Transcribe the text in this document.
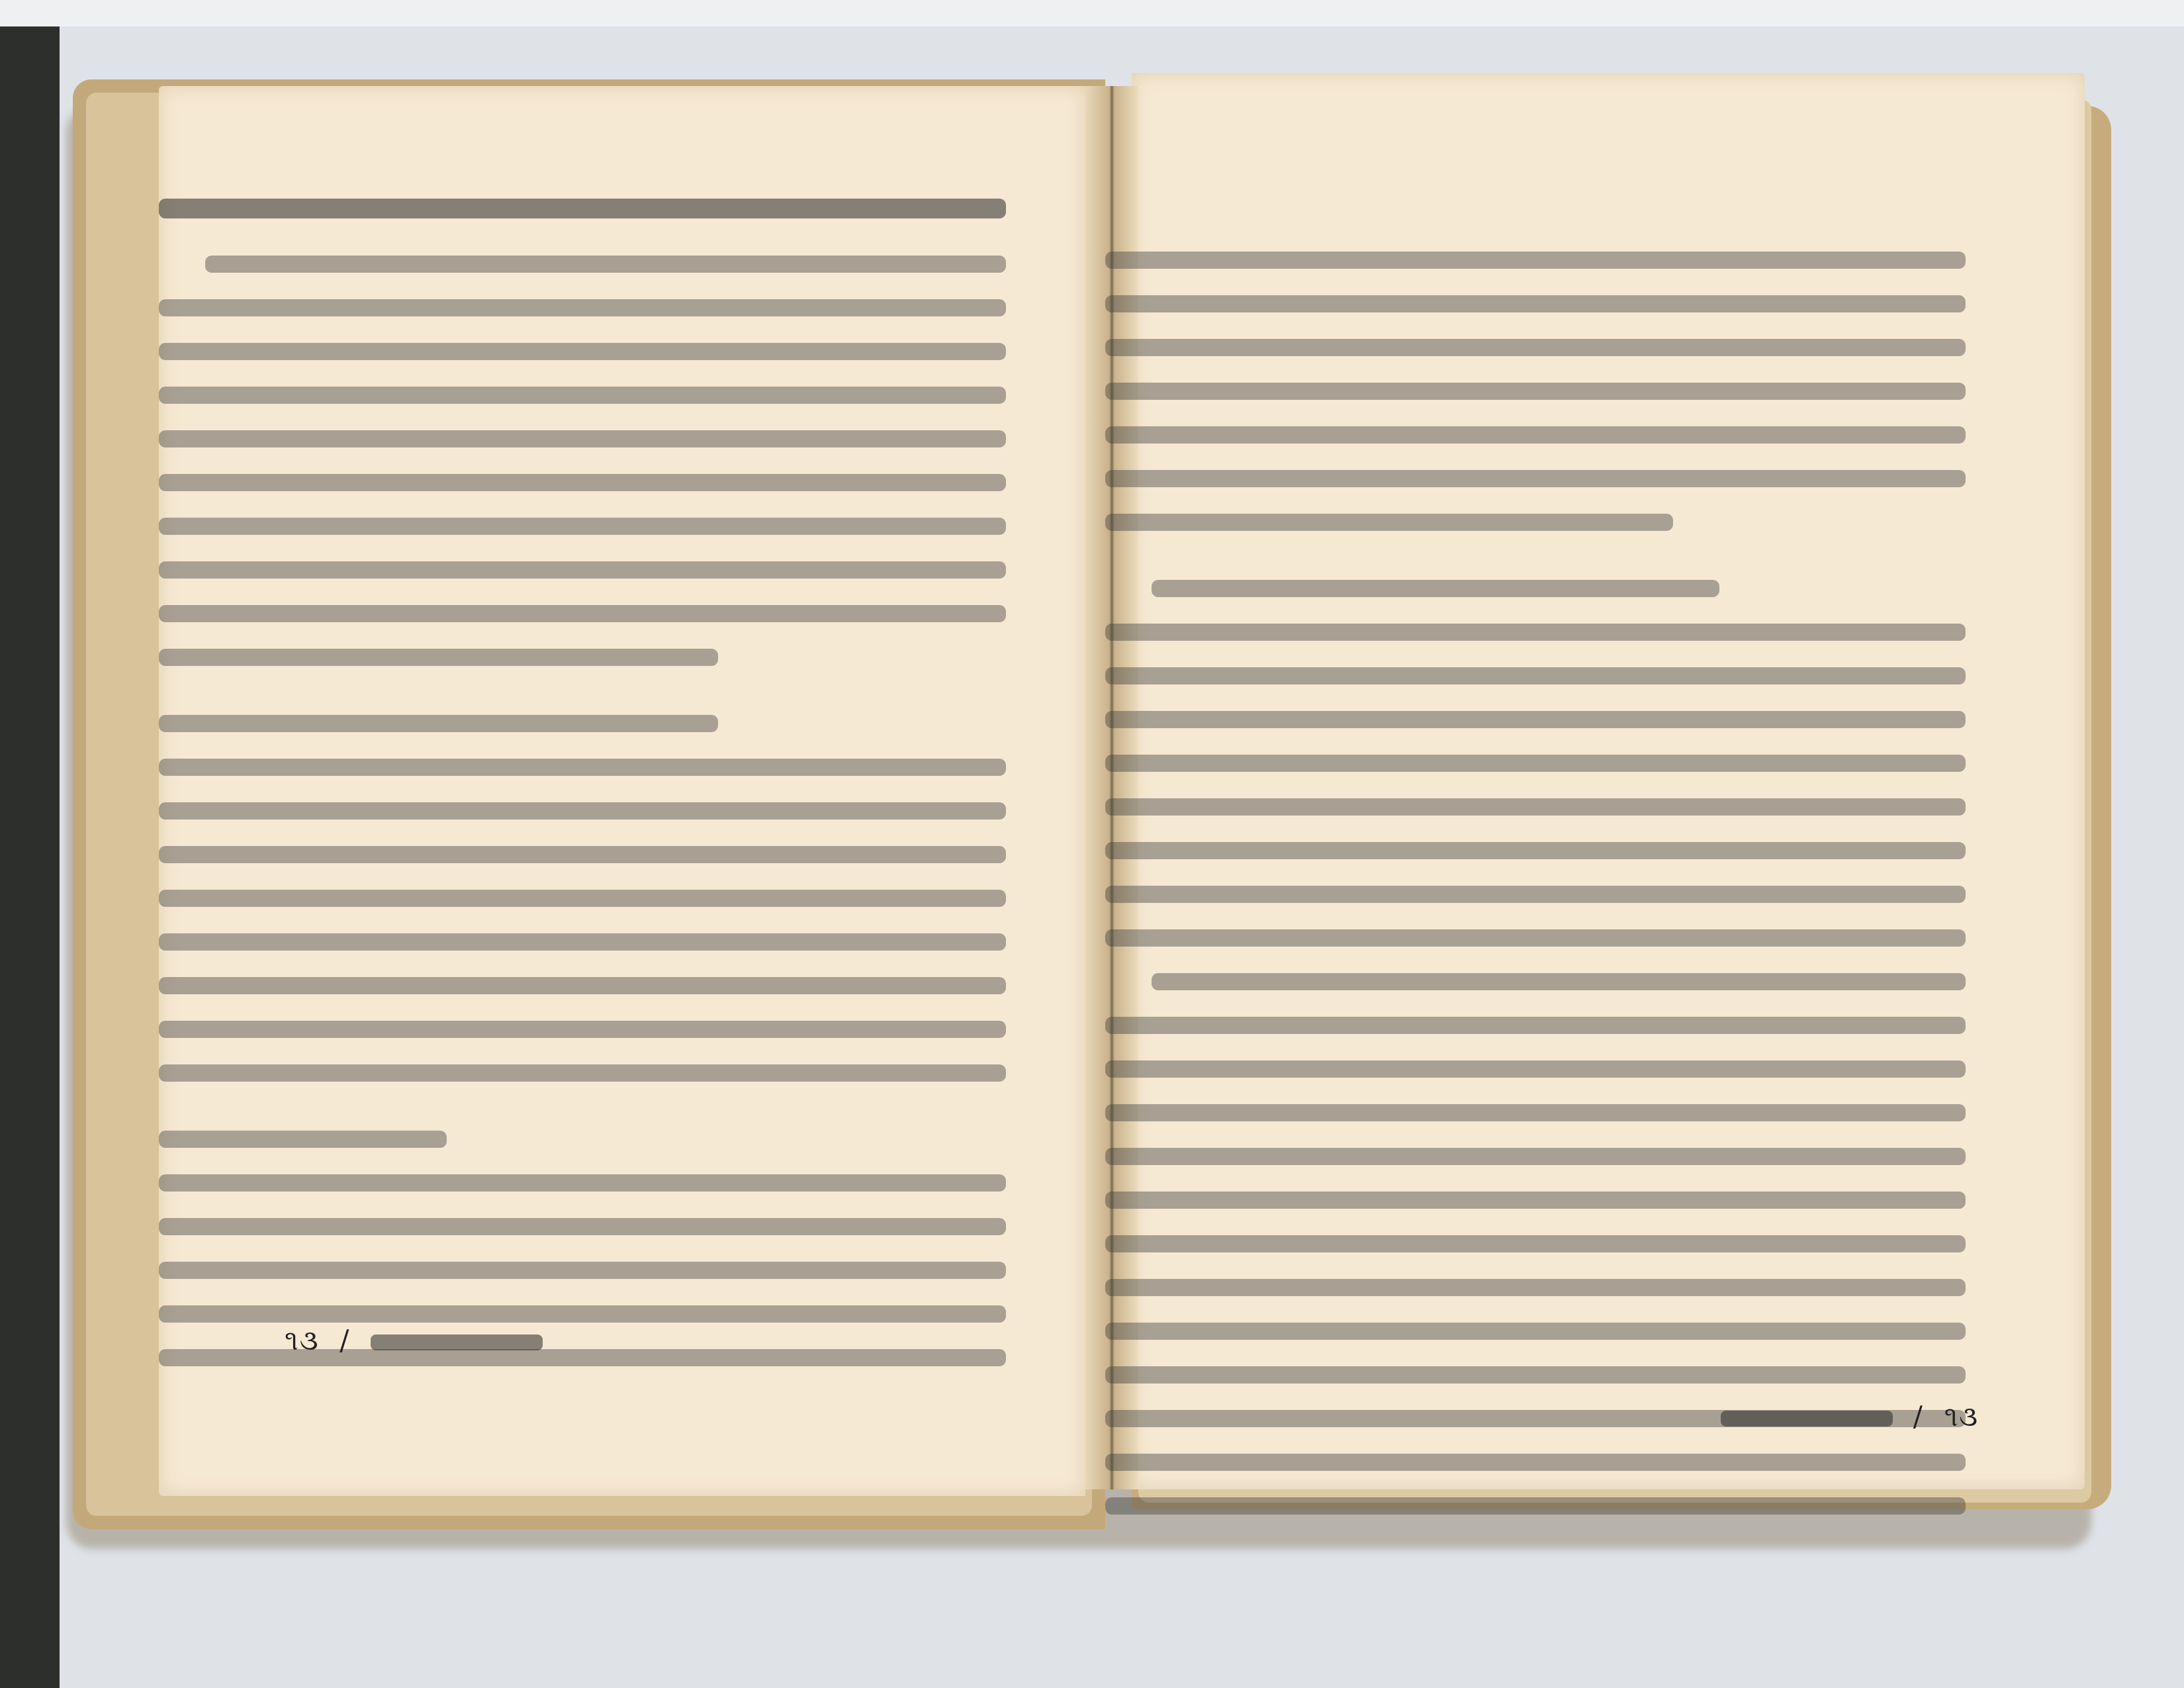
૧૩  /
/  ૧૩
